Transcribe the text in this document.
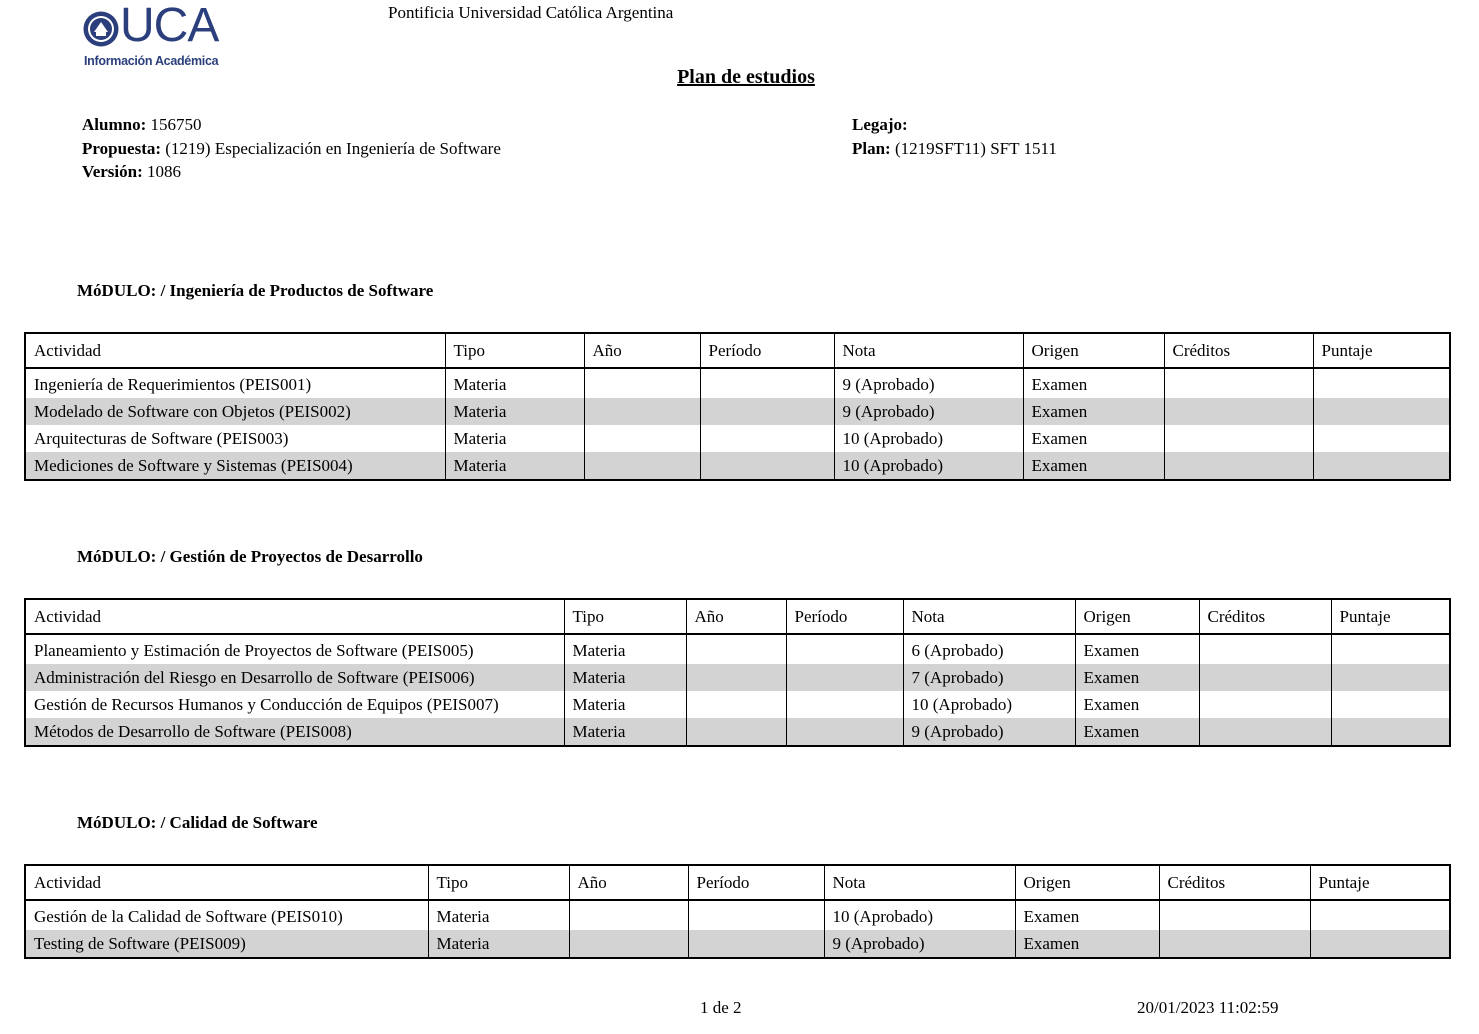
UCA
Información Académica
Pontificia Universidad Católica Argentina
Plan de estudios
Alumno: 156750
Propuesta: (1219) Especialización en Ingeniería de Software
Versión: 1086
Legajo:
Plan: (1219SFT11) SFT 1511
MóDULO: / Ingeniería de Productos de Software
Actividad	Tipo	Año	Período	Nota	Origen	Créditos	Puntaje

Ingeniería de Requerimientos (PEIS001)	Materia			9 (Aprobado)	Examen		
Modelado de Software con Objetos (PEIS002)	Materia			9 (Aprobado)	Examen		
Arquitecturas de Software (PEIS003)	Materia			10 (Aprobado)	Examen		
Mediciones de Software y Sistemas (PEIS004)	Materia			10 (Aprobado)	Examen		
MóDULO: / Gestión de Proyectos de Desarrollo
Actividad	Tipo	Año	Período	Nota	Origen	Créditos	Puntaje

Planeamiento y Estimación de Proyectos de Software (PEIS005)	Materia			6 (Aprobado)	Examen		
Administración del Riesgo en Desarrollo de Software (PEIS006)	Materia			7 (Aprobado)	Examen		
Gestión de Recursos Humanos y Conducción de Equipos (PEIS007)	Materia			10 (Aprobado)	Examen		
Métodos de Desarrollo de Software (PEIS008)	Materia			9 (Aprobado)	Examen		
MóDULO: / Calidad de Software
Actividad	Tipo	Año	Período	Nota	Origen	Créditos	Puntaje

Gestión de la Calidad de Software (PEIS010)	Materia			10 (Aprobado)	Examen		
Testing de Software (PEIS009)	Materia			9 (Aprobado)	Examen		
1 de 2	20/01/2023 11:02:59
